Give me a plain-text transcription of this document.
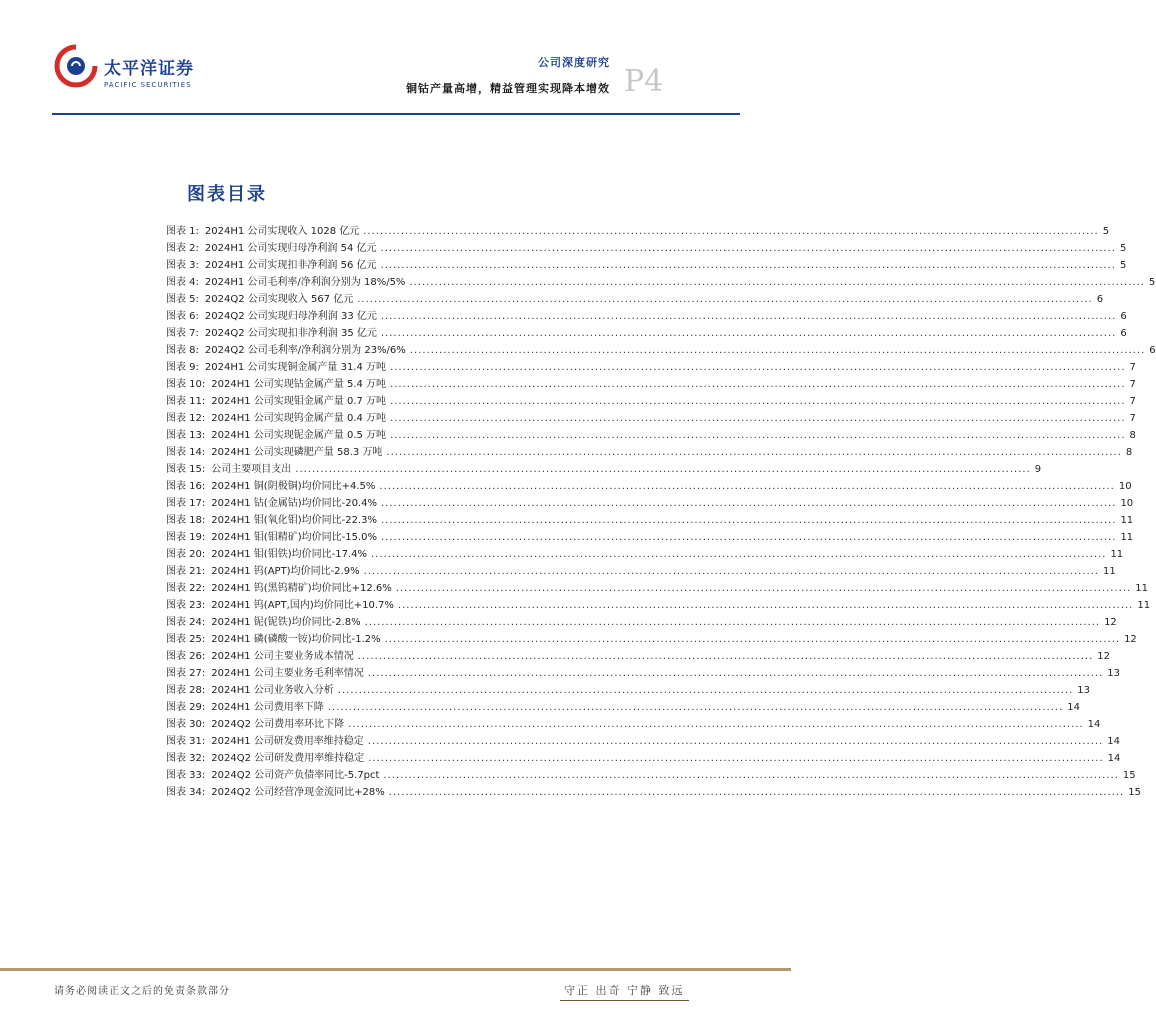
太平洋证券
PACIFIC SECURITIES
公司深度研究
铜钴产量高增，精益管理实现降本增效 P4
图表目录
图表 1: 2024H1 公司实现收入 1028 亿元 .....	5
图表 2: 2024H1 公司实现归母净利润 54 亿元 .....	5
图表 3: 2024H1 公司实现扣非净利润 56 亿元 .....	5
图表 4: 2024H1 公司毛利率/净利润分别为 18%/5% .....	5
图表 5: 2024Q2 公司实现收入 567 亿元 .....	6
图表 6: 2024Q2 公司实现归母净利润 33 亿元 .....	6
图表 7: 2024Q2 公司实现扣非净利润 35 亿元 .....	6
图表 8: 2024Q2 公司毛利率/净利润分别为 23%/6% .....	6
图表 9: 2024H1 公司实现铜金属产量 31.4 万吨 .....	7
图表 10: 2024H1 公司实现钴金属产量 5.4 万吨 .....	7
图表 11: 2024H1 公司实现钼金属产量 0.7 万吨 .....	7
图表 12: 2024H1 公司实现钨金属产量 0.4 万吨 .....	7
图表 13: 2024H1 公司实现铌金属产量 0.5 万吨 .....	8
图表 14: 2024H1 公司实现磷肥产量 58.3 万吨 .....	8
图表 15: 公司主要项目支出 .....	9
图表 16: 2024H1 铜(阴极铜)均价同比+4.5% .....	10
图表 17: 2024H1 钴(金属钴)均价同比-20.4% .....	10
图表 18: 2024H1 钼(氧化钼)均价同比-22.3% .....	11
图表 19: 2024H1 钼(钼精矿)均价同比-15.0% .....	11
图表 20: 2024H1 钼(钼铁)均价同比-17.4% .....	11
图表 21: 2024H1 钨(APT)均价同比-2.9% .....	11
图表 22: 2024H1 钨(黑钨精矿)均价同比+12.6% .....	11
图表 23: 2024H1 钨(APT,国内)均价同比+10.7% .....	11
图表 24: 2024H1 铌(铌铁)均价同比-2.8% .....	12
图表 25: 2024H1 磷(磷酸一铵)均价同比-1.2% .....	12
图表 26: 2024H1 公司主要业务成本情况 .....	12
图表 27: 2024H1 公司主要业务毛利率情况 .....	13
图表 28: 2024H1 公司业务收入分析 .....	13
图表 29: 2024H1 公司费用率下降 .....	14
图表 30: 2024Q2 公司费用率环比下降 .....	14
图表 31: 2024H1 公司研发费用率维持稳定 .....	14
图表 32: 2024Q2 公司研发费用率维持稳定 .....	14
图表 33: 2024Q2 公司资产负债率同比-5.7pct .....	15
图表 34: 2024Q2 公司经营净现金流同比+28% .....	15
请务必阅读正文之后的免责条款部分	守正 出奇 宁静 致远
